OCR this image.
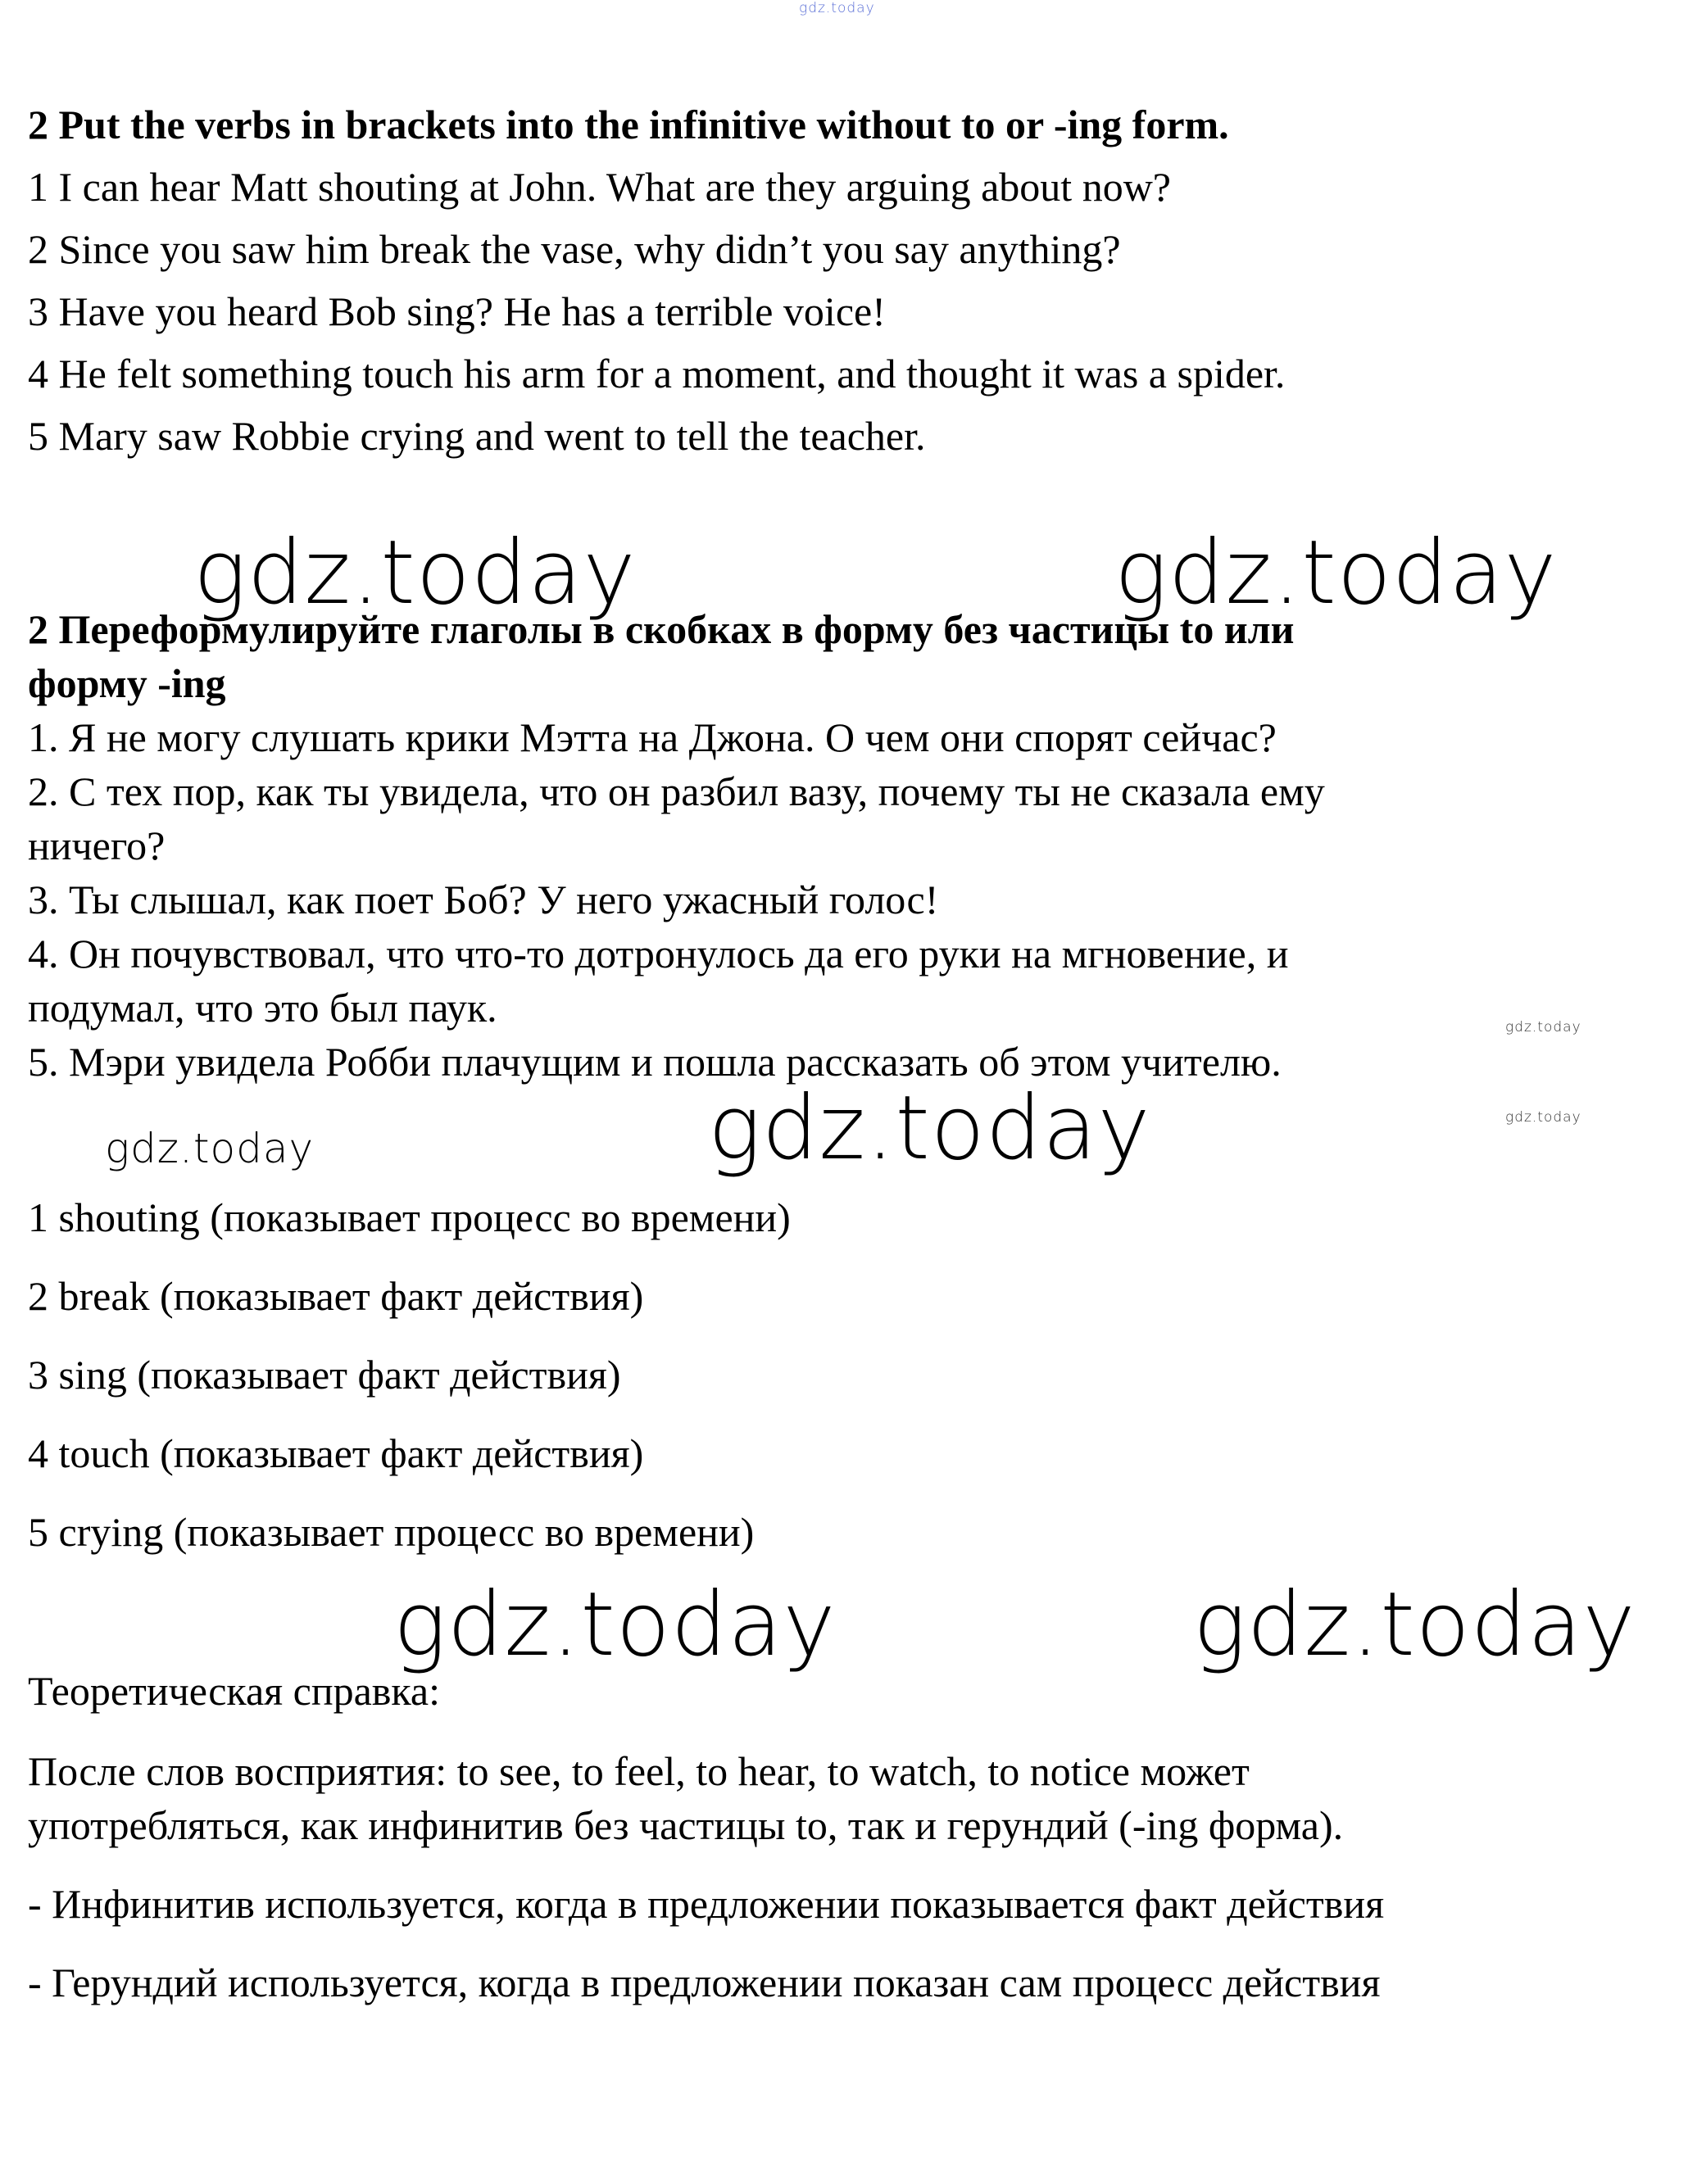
gdz.today
2 Put the verbs in brackets into the infinitive without to or -ing form.
1 I can hear Matt shouting at John. What are they arguing about now?
2 Since you saw him break the vase, why didn’t you say anything?
3 Have you heard Bob sing? He has a terrible voice!
4 He felt something touch his arm for a moment, and thought it was a spider.
5 Mary saw Robbie crying and went to tell the teacher.
gdz.today	gdz.today
2 Переформулируйте глаголы в скобках в форму без частицы to или
форму -ing
1. Я не могу слушать крики Мэтта на Джона. О чем они спорят сейчас?
2. С тех пор, как ты увидела, что он разбил вазу, почему ты не сказала ему
ничего?
3. Ты слышал, как поет Боб? У него ужасный голос!
4. Он почувствовал, что что-то дотронулось да его руки на мгновение, и
подумал, что это был паук.
5. Мэри увидела Робби плачущим и пошла рассказать об этом учителю.
gdz.today
gdz.today
gdz.today	gdz.today
1 shouting (показывает процесс во времени)
2 break (показывает факт действия)
3 sing (показывает факт действия)
4 touch (показывает факт действия)
5 crying (показывает процесс во времени)
gdz.today	gdz.today
Теоретическая справка:
После слов восприятия: to see, to feel, to hear, to watch, to notice может
употребляться, как инфинитив без частицы to, так и герундий (-ing форма).
- Инфинитив используется, когда в предложении показывается факт действия
- Герундий используется, когда в предложении показан сам процесс действия
